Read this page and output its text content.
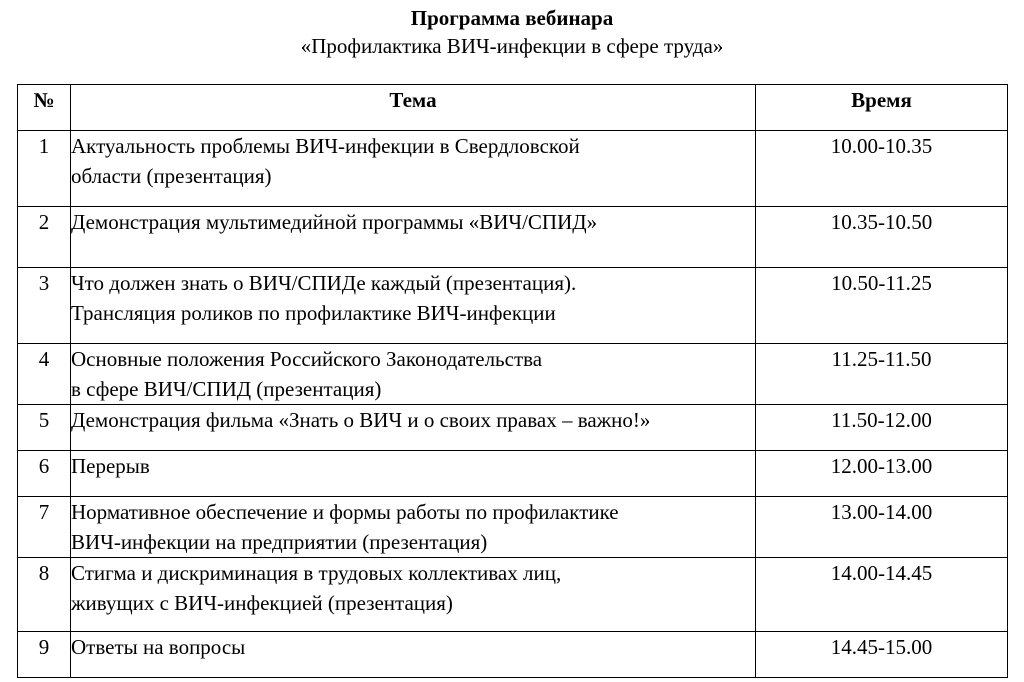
Программа вебинара
«Профилактика ВИЧ-инфекции в сфере труда»
№	Тема	Время
1	Актуальность проблемы ВИЧ-инфекции в Свердловской
области (презентация)	10.00-10.35
2	Демонстрация мультимедийной программы «ВИЧ/СПИД»	10.35-10.50
3	Что должен знать о ВИЧ/СПИДе каждый (презентация).
Трансляция роликов по профилактике ВИЧ-инфекции	10.50-11.25
4	Основные положения Российского Законодательства
в сфере ВИЧ/СПИД (презентация)	11.25-11.50
5	Демонстрация фильма «Знать о ВИЧ и о своих правах – важно!»	11.50-12.00
6	Перерыв	12.00-13.00
7	Нормативное обеспечение и формы работы по профилактике
ВИЧ-инфекции на предприятии (презентация)	13.00-14.00
8	Стигма и дискриминация в трудовых коллективах лиц,
живущих с ВИЧ-инфекцией (презентация)	14.00-14.45
9	Ответы на вопросы	14.45-15.00
